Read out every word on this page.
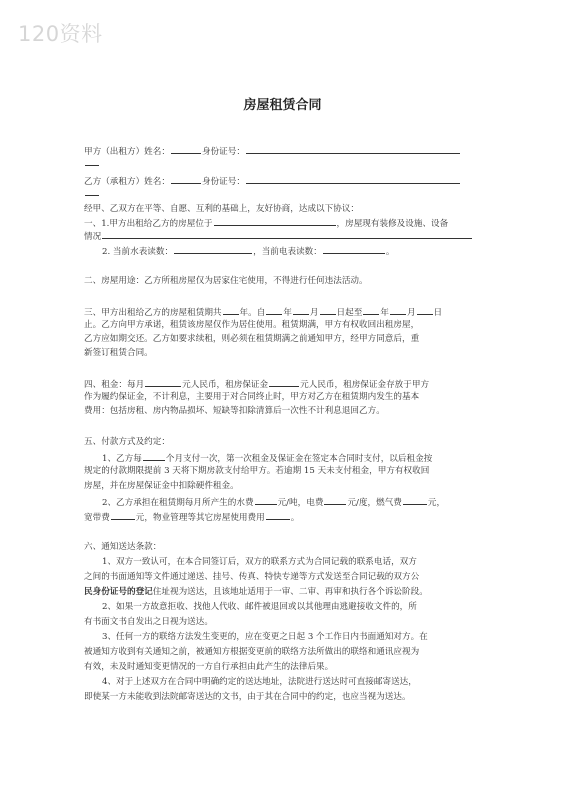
120资料
房屋租赁合同
甲方（出租方）姓名：	身份证号：
乙方（承租方）姓名：	身份证号：
经甲、乙双方在平等、自愿、互利的基础上，友好协商，达成以下协议：
一、1.甲方出租给乙方的房屋位于	，房屋现有装修及设施、设备
情况
2. 当前水表读数：	，当前电表读数：	。
二、房屋用途：乙方所租房屋仅为居家住宅使用，不得进行任何违法活动。
三、甲方出租给乙方的房屋租赁期共 年。自 年 月 日起至 年 月 日
止。乙方向甲方承诺，租赁该房屋仅作为居住使用。租赁期满，甲方有权收回出租房屋，
乙方应如期交还。乙方如要求续租，则必须在租赁期满之前通知甲方，经甲方同意后，重
新签订租赁合同。
四、租金：每月	元人民币，租房保证金	元人民币，租房保证金存放于甲方
作为履约保证金，不计利息，主要用于对合同终止时，甲方对乙方在租赁期内发生的基本
费用：包括房租、房内物品损坏、短缺等扣除清算后一次性不计利息退回乙方。
五、付款方式及约定：
1、乙方每	个月支付一次，第一次租金及保证金在签定本合同时支付，以后租金按
规定的付款期限提前 3 天将下期房款支付给甲方。若逾期 15 天未支付租金，甲方有权收回
房屋，并在房屋保证金中扣除硬件租金。
2、乙方承担在租赁期每月所产生的水费	元/吨，电费	元/度，燃气费	元，
宽带费	元，物业管理等其它房屋使用费用	。
六、通知送达条款：
1、双方一致认可，在本合同签订后，双方的联系方式为合同记载的联系电话，双方
之间的书面通知等文件通过递送、挂号、传真、特快专递等方式发送至合同记载的双方公
民身份证号的登记住址视为送达，且该地址适用于一审、二审、再审和执行各个诉讼阶段。
2、如果一方故意拒收、找他人代收、邮件被退回或以其他理由逃避接收文件的，所
有书面文书自发出之日视为送达。
3、任何一方的联络方法发生变更的，应在变更之日起 3 个工作日内书面通知对方。在
被通知方收到有关通知之前，被通知方根据变更前的联络方法所做出的联络和通讯应视为
有效，未及时通知变更情况的一方自行承担由此产生的法律后果。
4、对于上述双方在合同中明确约定的送达地址，法院进行送达时可直接邮寄送达，
即使某一方未能收到法院邮寄送达的文书，由于其在合同中的约定，也应当视为送达。
